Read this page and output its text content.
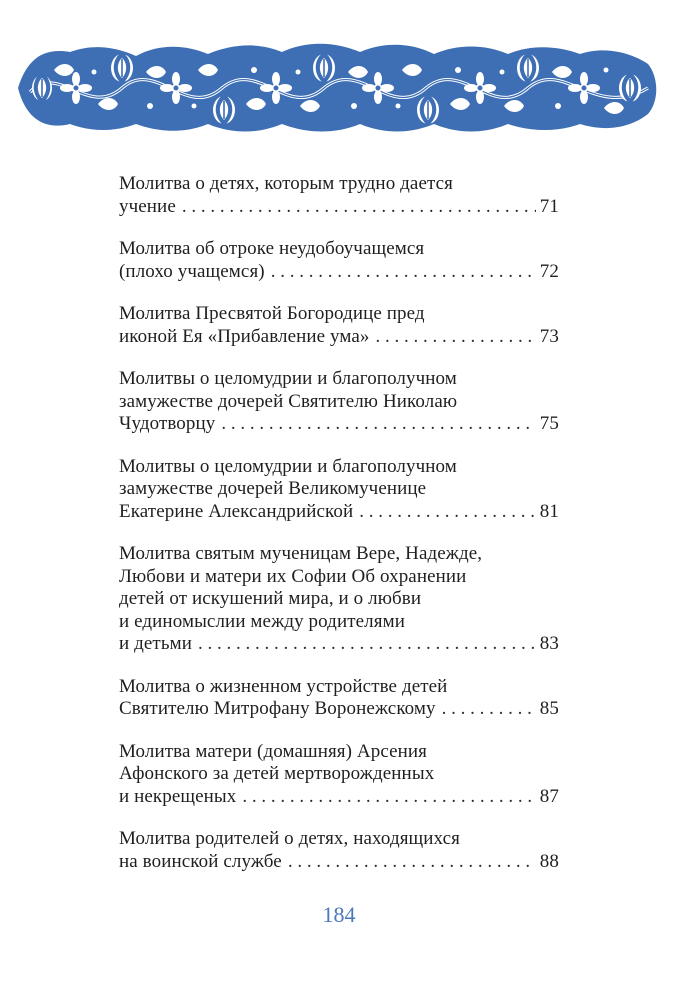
Молитва о детях, которым трудно дается
учение . . .	71
Молитва об отроке неудобоучащемся
(плохо учащемся) . . .	72
Молитва Пресвятой Богородице пред
иконой Ея «Прибавление ума» . . .	73
Молитвы о целомудрии и благополучном
замужестве дочерей Святителю Николаю
Чудотворцу . . .	75
Молитвы о целомудрии и благополучном
замужестве дочерей Великомученице
Екатерине Александрийской . . .	81
Молитва святым мученицам Вере, Надежде,
Любови и матери их Софии Об охранении
детей от искушений мира, и о любви
и единомыслии между родителями
и детьми . . .	83
Молитва о жизненном устройстве детей
Святителю Митрофану Воронежскому . . .	85
Молитва матери (домашняя) Арсения
Афонского за детей мертворожденных
и некрещеных . . .	87
Молитва родителей о детях, находящихся
на воинской службе . . .	88
184
